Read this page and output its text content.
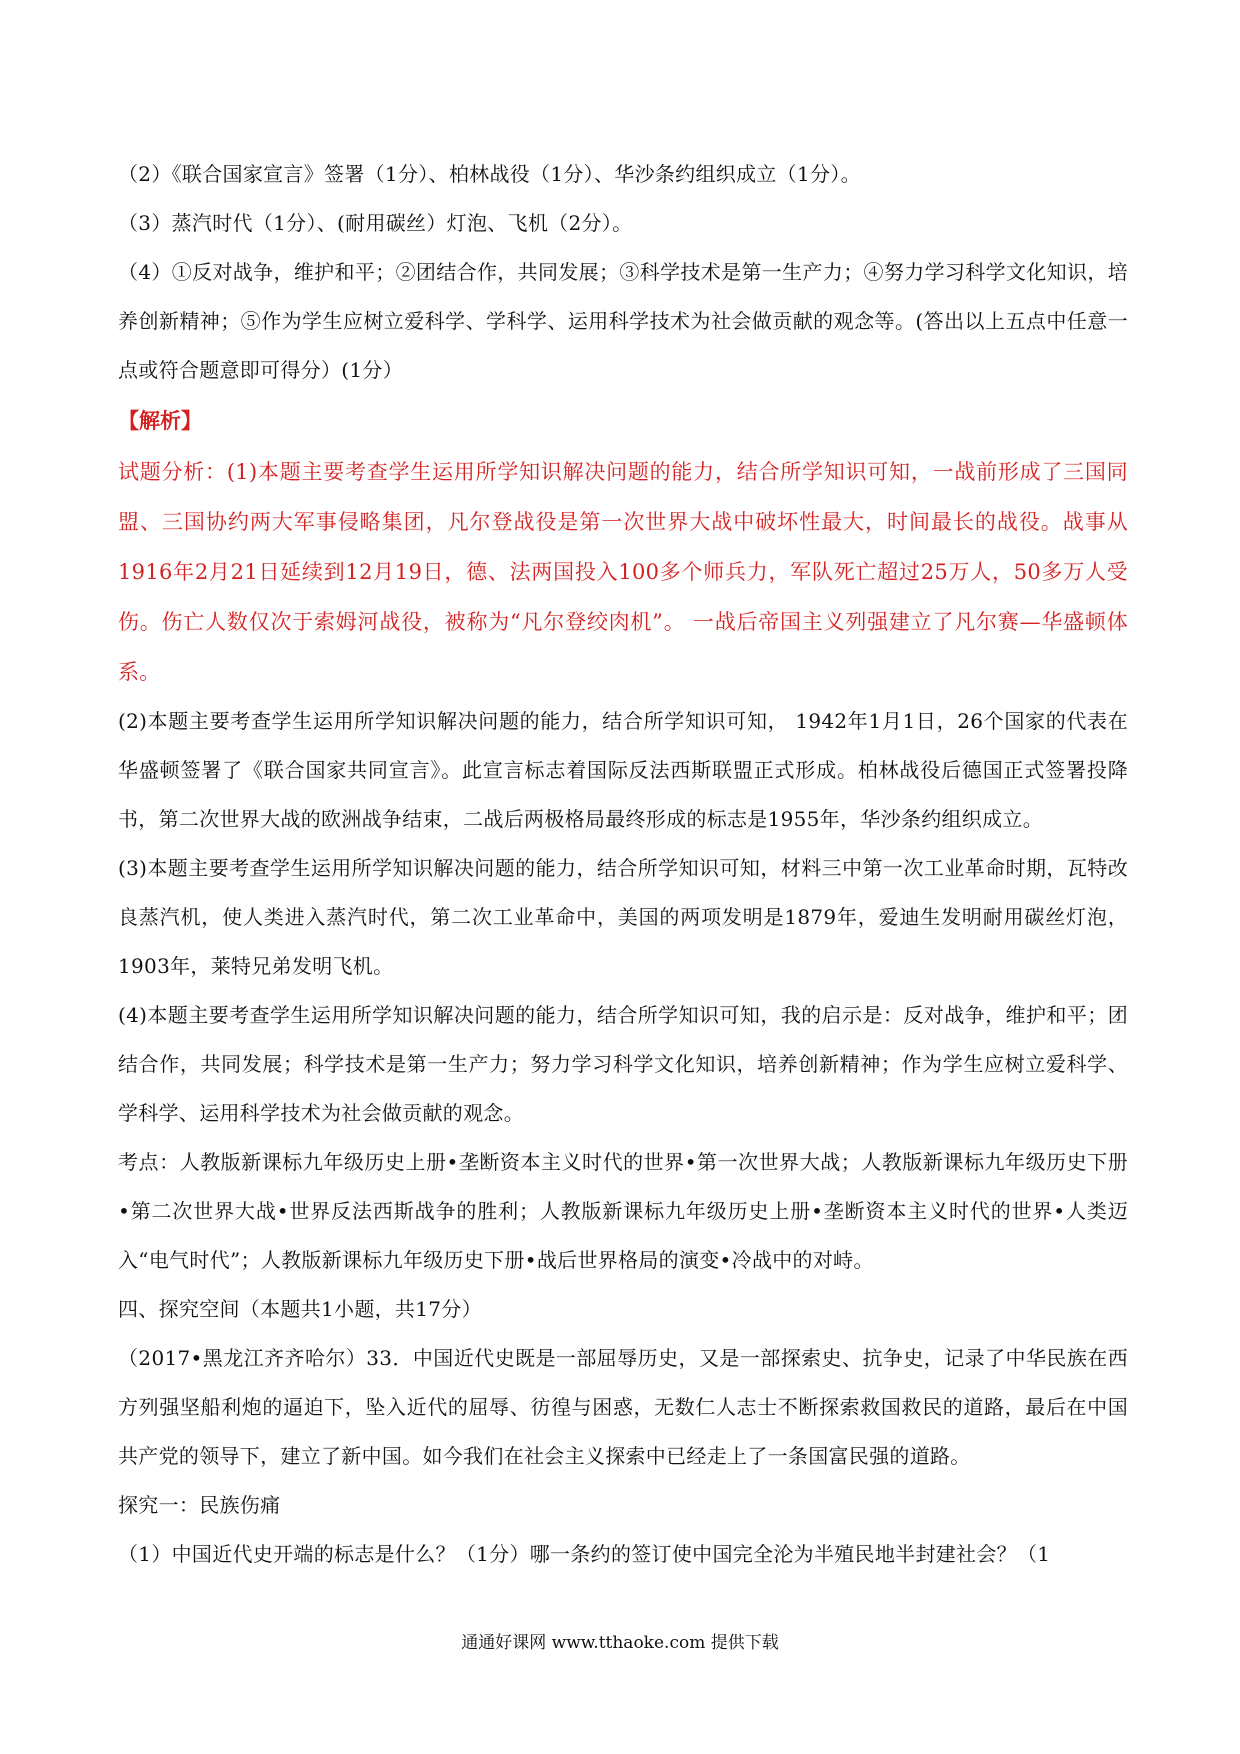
（2）《联合国家宣言》签署（1分）、柏林战役（1分）、华沙条约组织成立（1分）。

（3）蒸汽时代（1分）、(耐用碳丝）灯泡、飞机（2分）。

（4）①反对战争，维护和平；②团结合作，共同发展；③科学技术是第一生产力；④努力学习科学文化知识，培养创新精神；⑤作为学生应树立爱科学、学科学、运用科学技术为社会做贡献的观念等。(答出以上五点中任意一点或符合题意即可得分）(1分）

【解析】

试题分析：(1)本题主要考查学生运用所学知识解决问题的能力，结合所学知识可知，一战前形成了三国同盟、三国协约两大军事侵略集团，凡尔登战役是第一次世界大战中破坏性最大，时间最长的战役。战事从1916年2月21日延续到12月19日，德、法两国投入100多个师兵力，军队死亡超过25万人，50多万人受伤。伤亡人数仅次于索姆河战役，被称为“凡尔登绞肉机”。 一战后帝国主义列强建立了凡尔赛—华盛顿体系。

(2)本题主要考查学生运用所学知识解决问题的能力，结合所学知识可知， 1942年1月1日，26个国家的代表在华盛顿签署了《联合国家共同宣言》。此宣言标志着国际反法西斯联盟正式形成。柏林战役后德国正式签署投降书，第二次世界大战的欧洲战争结束，二战后两极格局最终形成的标志是1955年，华沙条约组织成立。

(3)本题主要考查学生运用所学知识解决问题的能力，结合所学知识可知，材料三中第一次工业革命时期，瓦特改良蒸汽机，使人类进入蒸汽时代，第二次工业革命中，美国的两项发明是1879年，爱迪生发明耐用碳丝灯泡，1903年，莱特兄弟发明飞机。

(4)本题主要考查学生运用所学知识解决问题的能力，结合所学知识可知，我的启示是：反对战争，维护和平；团结合作，共同发展；科学技术是第一生产力；努力学习科学文化知识，培养创新精神；作为学生应树立爱科学、学科学、运用科学技术为社会做贡献的观念。

考点：人教版新课标九年级历史上册•垄断资本主义时代的世界•第一次世界大战；人教版新课标九年级历史下册•第二次世界大战•世界反法西斯战争的胜利；人教版新课标九年级历史上册•垄断资本主义时代的世界•人类迈入“电气时代”；人教版新课标九年级历史下册•战后世界格局的演变•冷战中的对峙。

四、探究空间（本题共1小题，共17分）

（2017•黑龙江齐齐哈尔）33．中国近代史既是一部屈辱历史，又是一部探索史、抗争史，记录了中华民族在西方列强坚船利炮的逼迫下，坠入近代的屈辱、彷徨与困惑，无数仁人志士不断探索救国救民的道路，最后在中国共产党的领导下，建立了新中国。如今我们在社会主义探索中已经走上了一条国富民强的道路。

探究一：民族伤痛

（1）中国近代史开端的标志是什么？（1分）哪一条约的签订使中国完全沦为半殖民地半封建社会？（1

通通好课网 www.tthaoke.com 提供下载
